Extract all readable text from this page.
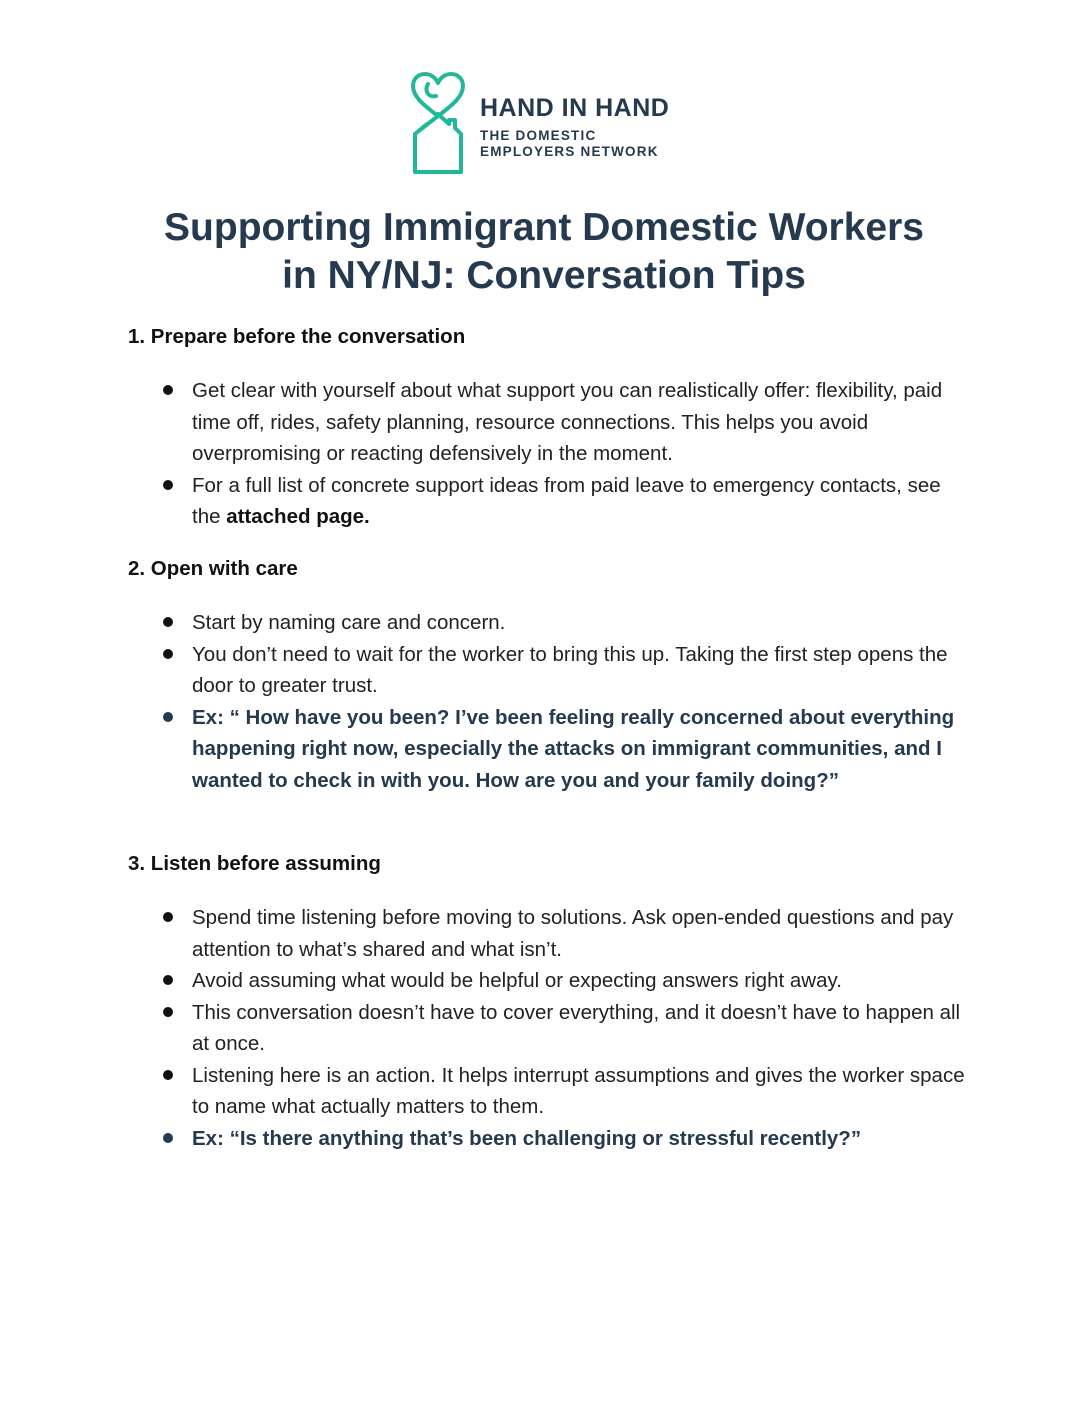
HAND IN HAND
THE DOMESTIC
EMPLOYERS NETWORK
Supporting Immigrant Domestic Workers
in NY/NJ: Conversation Tips
1. Prepare before the conversation
Get clear with yourself about what support you can realistically offer: flexibility, paid time off, rides, safety planning, resource connections. This helps you avoid overpromising or reacting defensively in the moment.
For a full list of concrete support ideas from paid leave to emergency contacts, see the attached page.
2. Open with care
Start by naming care and concern.
You don’t need to wait for the worker to bring this up. Taking the first step opens the door to greater trust.
Ex: “ How have you been? I’ve been feeling really concerned about everything happening right now, especially the attacks on immigrant communities, and I wanted to check in with you. How are you and your family doing?”
3. Listen before assuming
Spend time listening before moving to solutions. Ask open-ended questions and pay attention to what’s shared and what isn’t.
Avoid assuming what would be helpful or expecting answers right away.
This conversation doesn’t have to cover everything, and it doesn’t have to happen all at once.
Listening here is an action. It helps interrupt assumptions and gives the worker space to name what actually matters to them.
Ex: “Is there anything that’s been challenging or stressful recently?”
